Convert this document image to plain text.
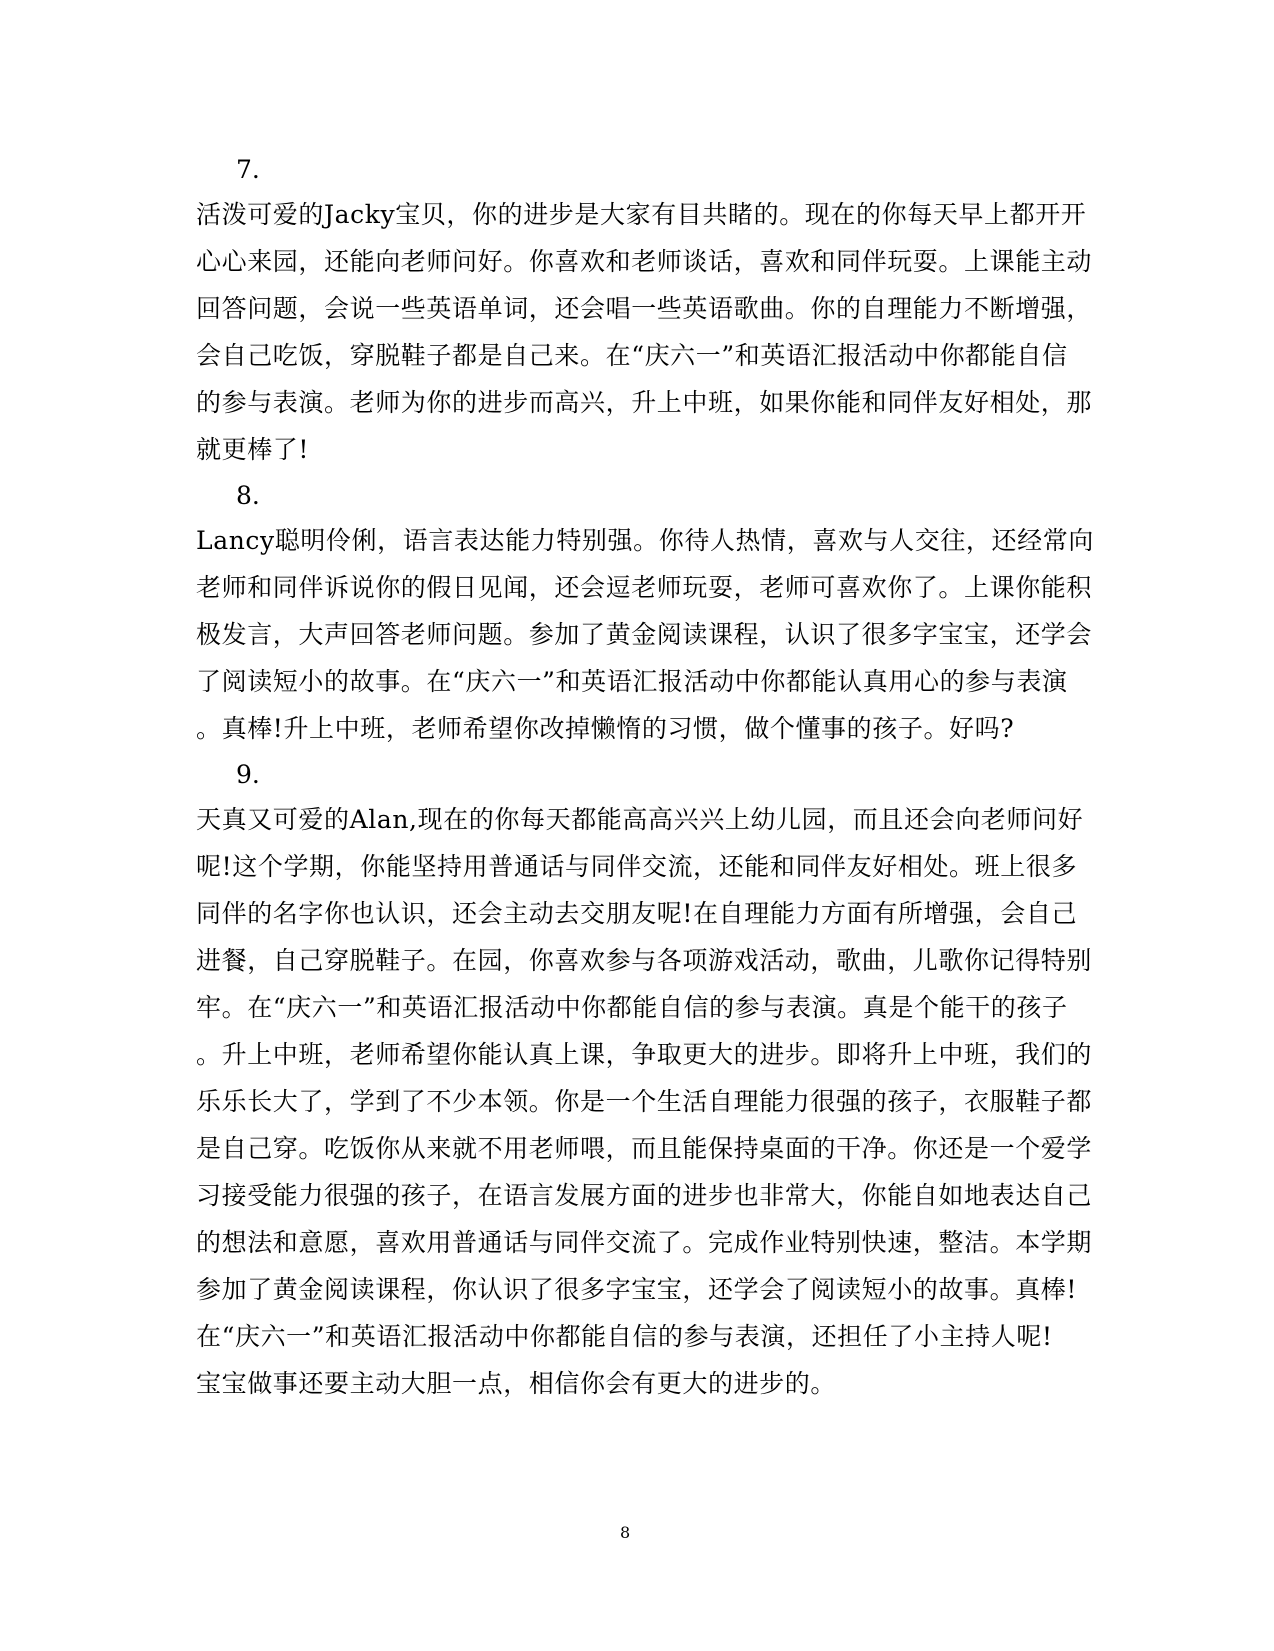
7.
活泼可爱的Jacky宝贝，你的进步是大家有目共睹的。现在的你每天早上都开开
心心来园，还能向老师问好。你喜欢和老师谈话，喜欢和同伴玩耍。上课能主动
回答问题，会说一些英语单词，还会唱一些英语歌曲。你的自理能力不断增强，
会自己吃饭，穿脱鞋子都是自己来。在“庆六一”和英语汇报活动中你都能自信
的参与表演。老师为你的进步而高兴，升上中班，如果你能和同伴友好相处，那
就更棒了!
8.
Lancy聪明伶俐，语言表达能力特别强。你待人热情，喜欢与人交往，还经常向
老师和同伴诉说你的假日见闻，还会逗老师玩耍，老师可喜欢你了。上课你能积
极发言，大声回答老师问题。参加了黄金阅读课程，认识了很多字宝宝，还学会
了阅读短小的故事。在“庆六一”和英语汇报活动中你都能认真用心的参与表演
。真棒!升上中班，老师希望你改掉懒惰的习惯，做个懂事的孩子。好吗?
9.
天真又可爱的Alan,现在的你每天都能高高兴兴上幼儿园，而且还会向老师问好
呢!这个学期，你能坚持用普通话与同伴交流，还能和同伴友好相处。班上很多
同伴的名字你也认识，还会主动去交朋友呢!在自理能力方面有所增强，会自己
进餐，自己穿脱鞋子。在园，你喜欢参与各项游戏活动，歌曲，儿歌你记得特别
牢。在“庆六一”和英语汇报活动中你都能自信的参与表演。真是个能干的孩子
。升上中班，老师希望你能认真上课，争取更大的进步。即将升上中班，我们的
乐乐长大了，学到了不少本领。你是一个生活自理能力很强的孩子，衣服鞋子都
是自己穿。吃饭你从来就不用老师喂，而且能保持桌面的干净。你还是一个爱学
习接受能力很强的孩子，在语言发展方面的进步也非常大，你能自如地表达自己
的想法和意愿，喜欢用普通话与同伴交流了。完成作业特别快速，整洁。本学期
参加了黄金阅读课程，你认识了很多字宝宝，还学会了阅读短小的故事。真棒!
在“庆六一”和英语汇报活动中你都能自信的参与表演，还担任了小主持人呢!
宝宝做事还要主动大胆一点，相信你会有更大的进步的。
8
